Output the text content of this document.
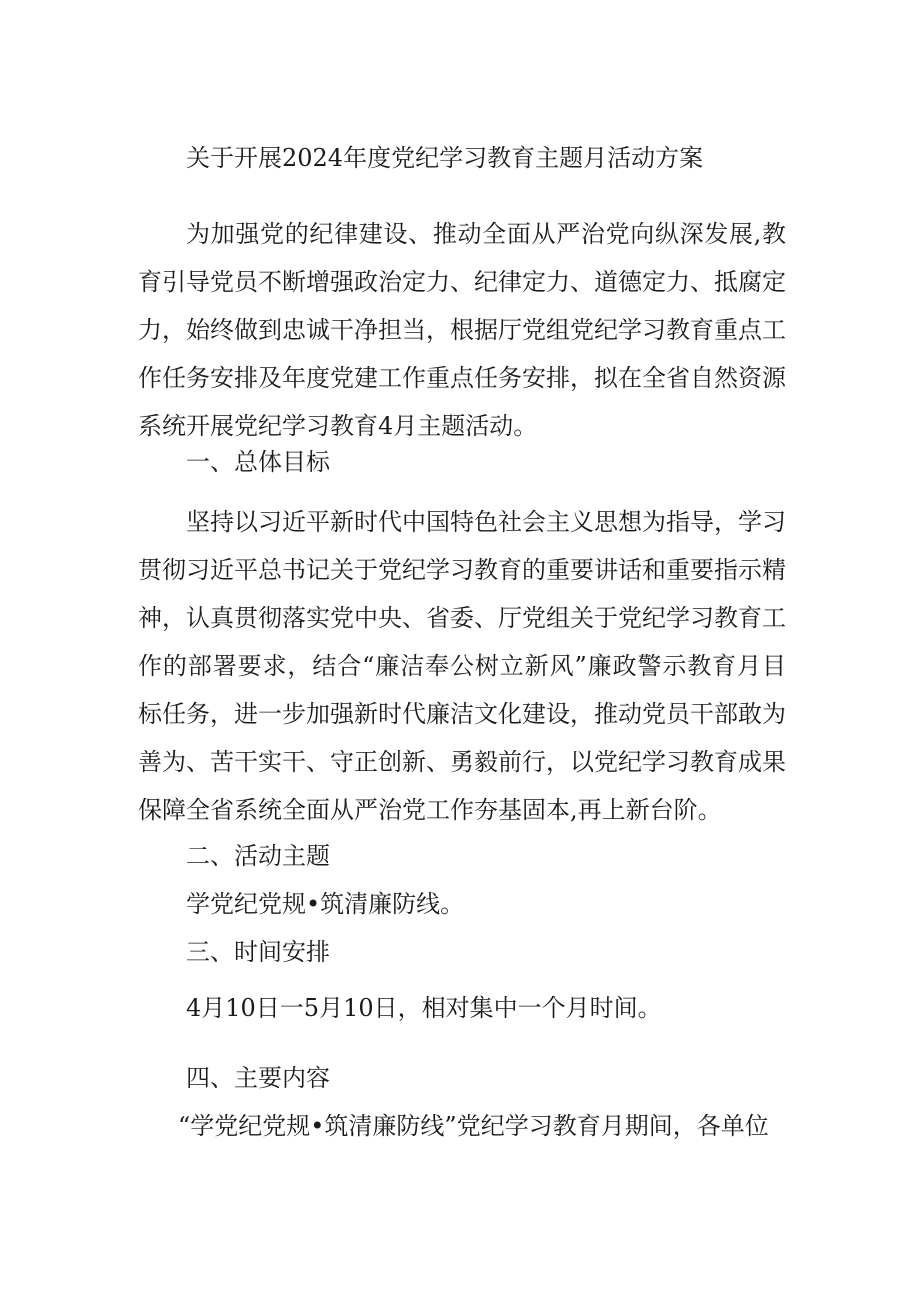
关于开展2024年度党纪学习教育主题月活动方案

为加强党的纪律建设、推动全面从严治党向纵深发展,教育引导党员不断增强政治定力、纪律定力、道德定力、抵腐定力，始终做到忠诚干净担当，根据厅党组党纪学习教育重点工作任务安排及年度党建工作重点任务安排，拟在全省自然资源系统开展党纪学习教育4月主题活动。

一、总体目标

坚持以习近平新时代中国特色社会主义思想为指导，学习贯彻习近平总书记关于党纪学习教育的重要讲话和重要指示精神，认真贯彻落实党中央、省委、厅党组关于党纪学习教育工作的部署要求，结合“廉洁奉公树立新风”廉政警示教育月目标任务，进一步加强新时代廉洁文化建设，推动党员干部敢为善为、苦干实干、守正创新、勇毅前行，以党纪学习教育成果保障全省系统全面从严治党工作夯基固本,再上新台阶。

二、活动主题
学党纪党规•筑清廉防线。
三、时间安排
4月10日一5月10日，相对集中一个月时间。
四、主要内容
“学党纪党规•筑清廉防线”党纪学习教育月期间，各单位
